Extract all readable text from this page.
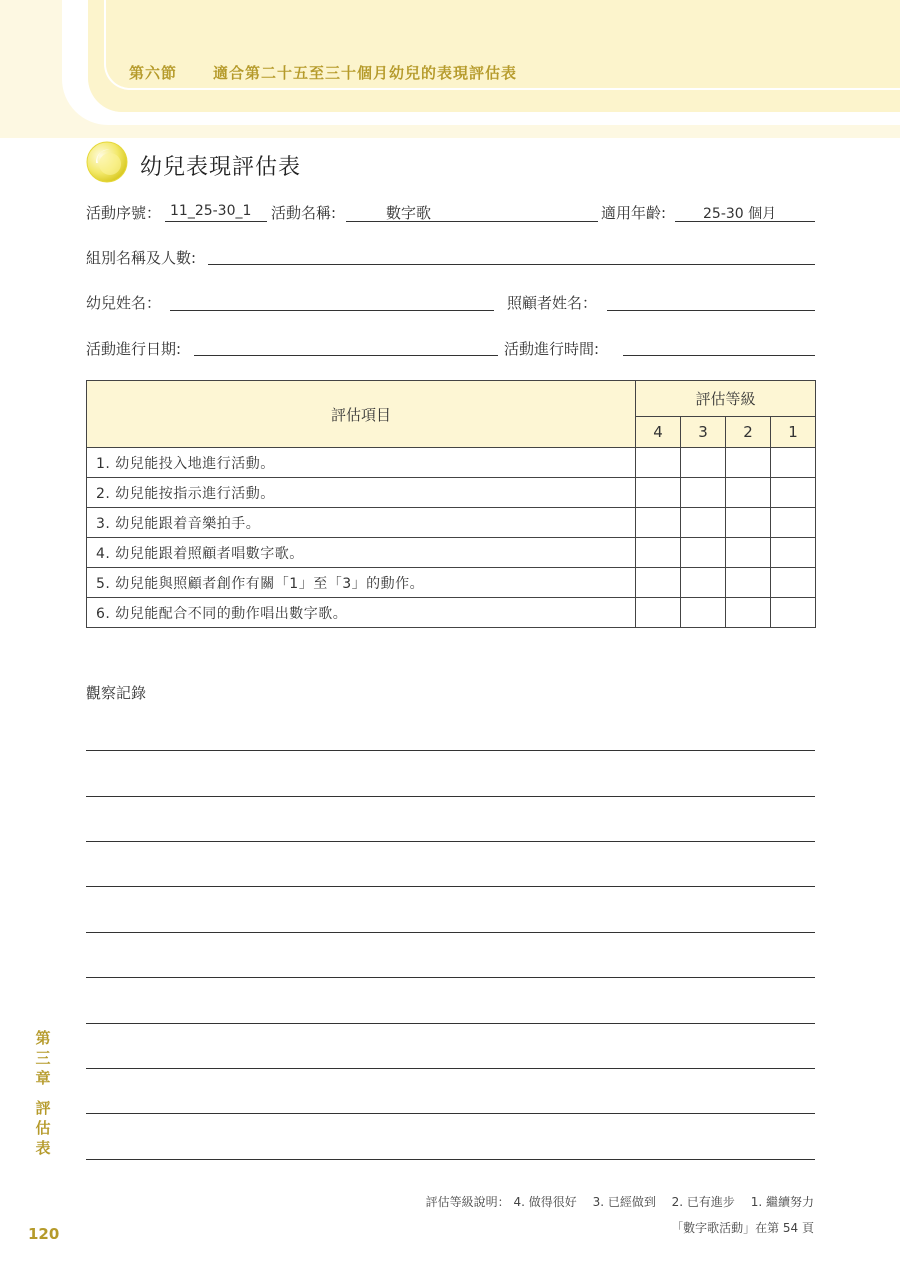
第六節 適合第二十五至三十個月幼兒的表現評估表
幼兒表現評估表
活動序號： 11_25-30_1 活動名稱:	數字歌	適用年齡:	25-30 個月
組別名稱及人數:
幼兒姓名：	照顧者姓名：
活動進行日期:	活動進行時間:
評估項目	評估等級			
	4	3	2	1
1. 幼兒能投入地進行活動。				
2. 幼兒能按指示進行活動。				
3. 幼兒能跟着音樂拍手。				
4. 幼兒能跟着照顧者唱數字歌。				
5. 幼兒能與照顧者創作有關「1」至「3」的動作。				
6. 幼兒能配合不同的動作唱出數字歌。				
觀察記錄
第
三
章
評
估
表
120
評估等級說明： 4. 做得很好　 3. 已經做到　 2. 已有進步　 1. 繼續努力
「數字歌活動」在第 54 頁
